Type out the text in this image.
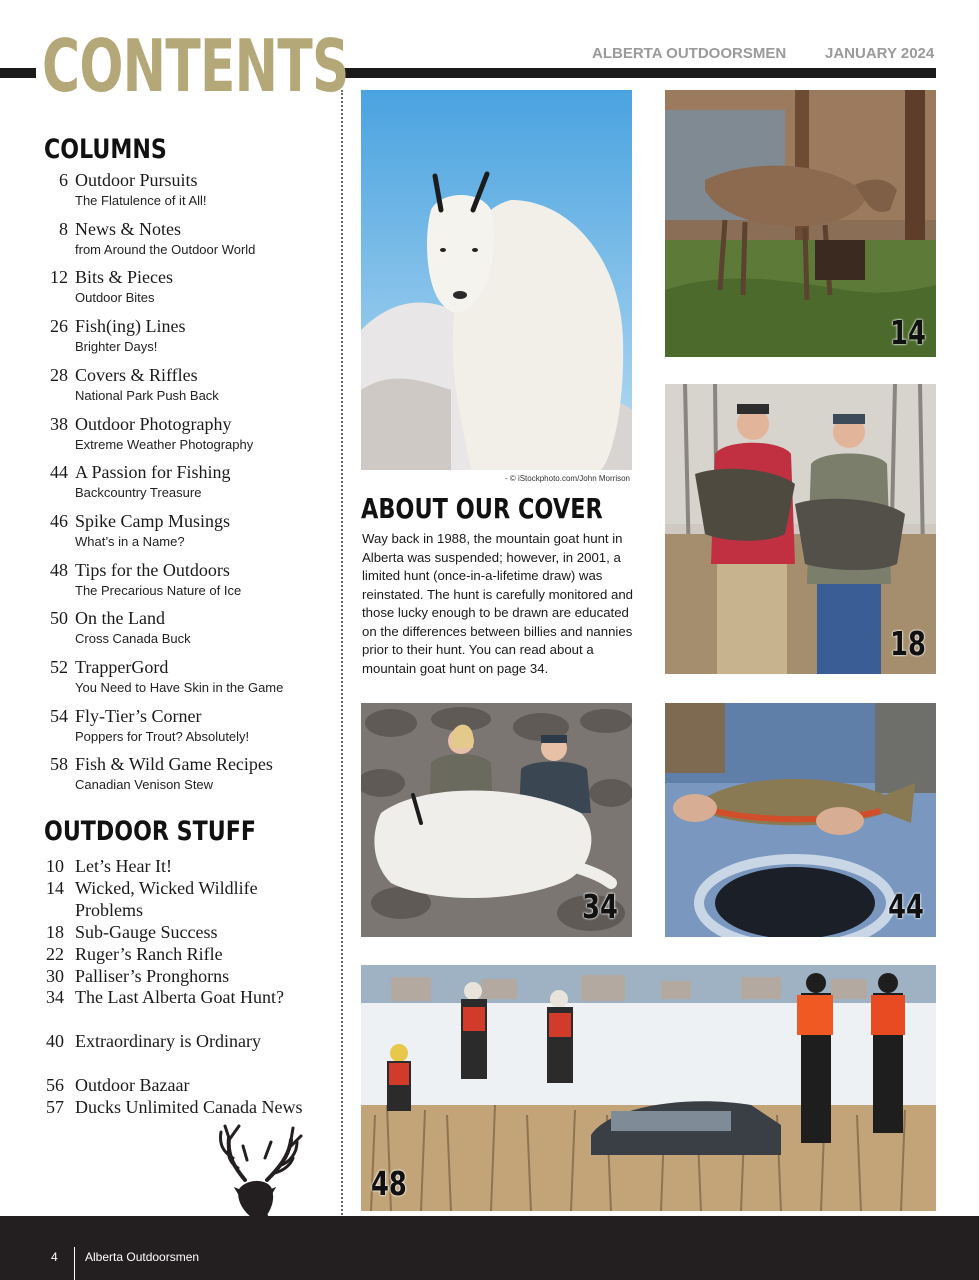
CONTENTS	ALBERTA OUTDOORSMEN	JANUARY 2024
COLUMNS
6 Outdoor Pursuits
The Flatulence of it All!
8 News & Notes
from Around the Outdoor World
12 Bits & Pieces
Outdoor Bites
26 Fish(ing) Lines
Brighter Days!
28 Covers & Riffles
National Park Push Back
38 Outdoor Photography
Extreme Weather Photography
44 A Passion for Fishing
Backcountry Treasure
46 Spike Camp Musings
What’s in a Name?
48 Tips for the Outdoors
The Precarious Nature of Ice
50 On the Land
Cross Canada Buck
52 TrapperGord
You Need to Have Skin in the Game
54 Fly-Tier’s Corner
Poppers for Trout? Absolutely!
58 Fish & Wild Game Recipes
Canadian Venison Stew
OUTDOOR STUFF
10 Let’s Hear It!
14 Wicked, Wicked Wildlife Problems
18 Sub-Gauge Success
22 Ruger’s Ranch Rifle
30 Palliser’s Pronghorns
34 The Last Alberta Goat Hunt?
40 Extraordinary is Ordinary
56 Outdoor Bazaar
57 Ducks Unlimited Canada News
- © iStockphoto.com/John Morrison
ABOUT OUR COVER
Way back in 1988, the mountain goat hunt in Alberta was suspended; however, in 2001, a limited hunt (once-in-a-lifetime draw) was reinstated. The hunt is carefully monitored and those lucky enough to be drawn are educated on the differences between billies and nannies prior to their hunt. You can read about a mountain goat hunt on page 34.
14
18
34	44
48
4 Alberta Outdoorsmen
